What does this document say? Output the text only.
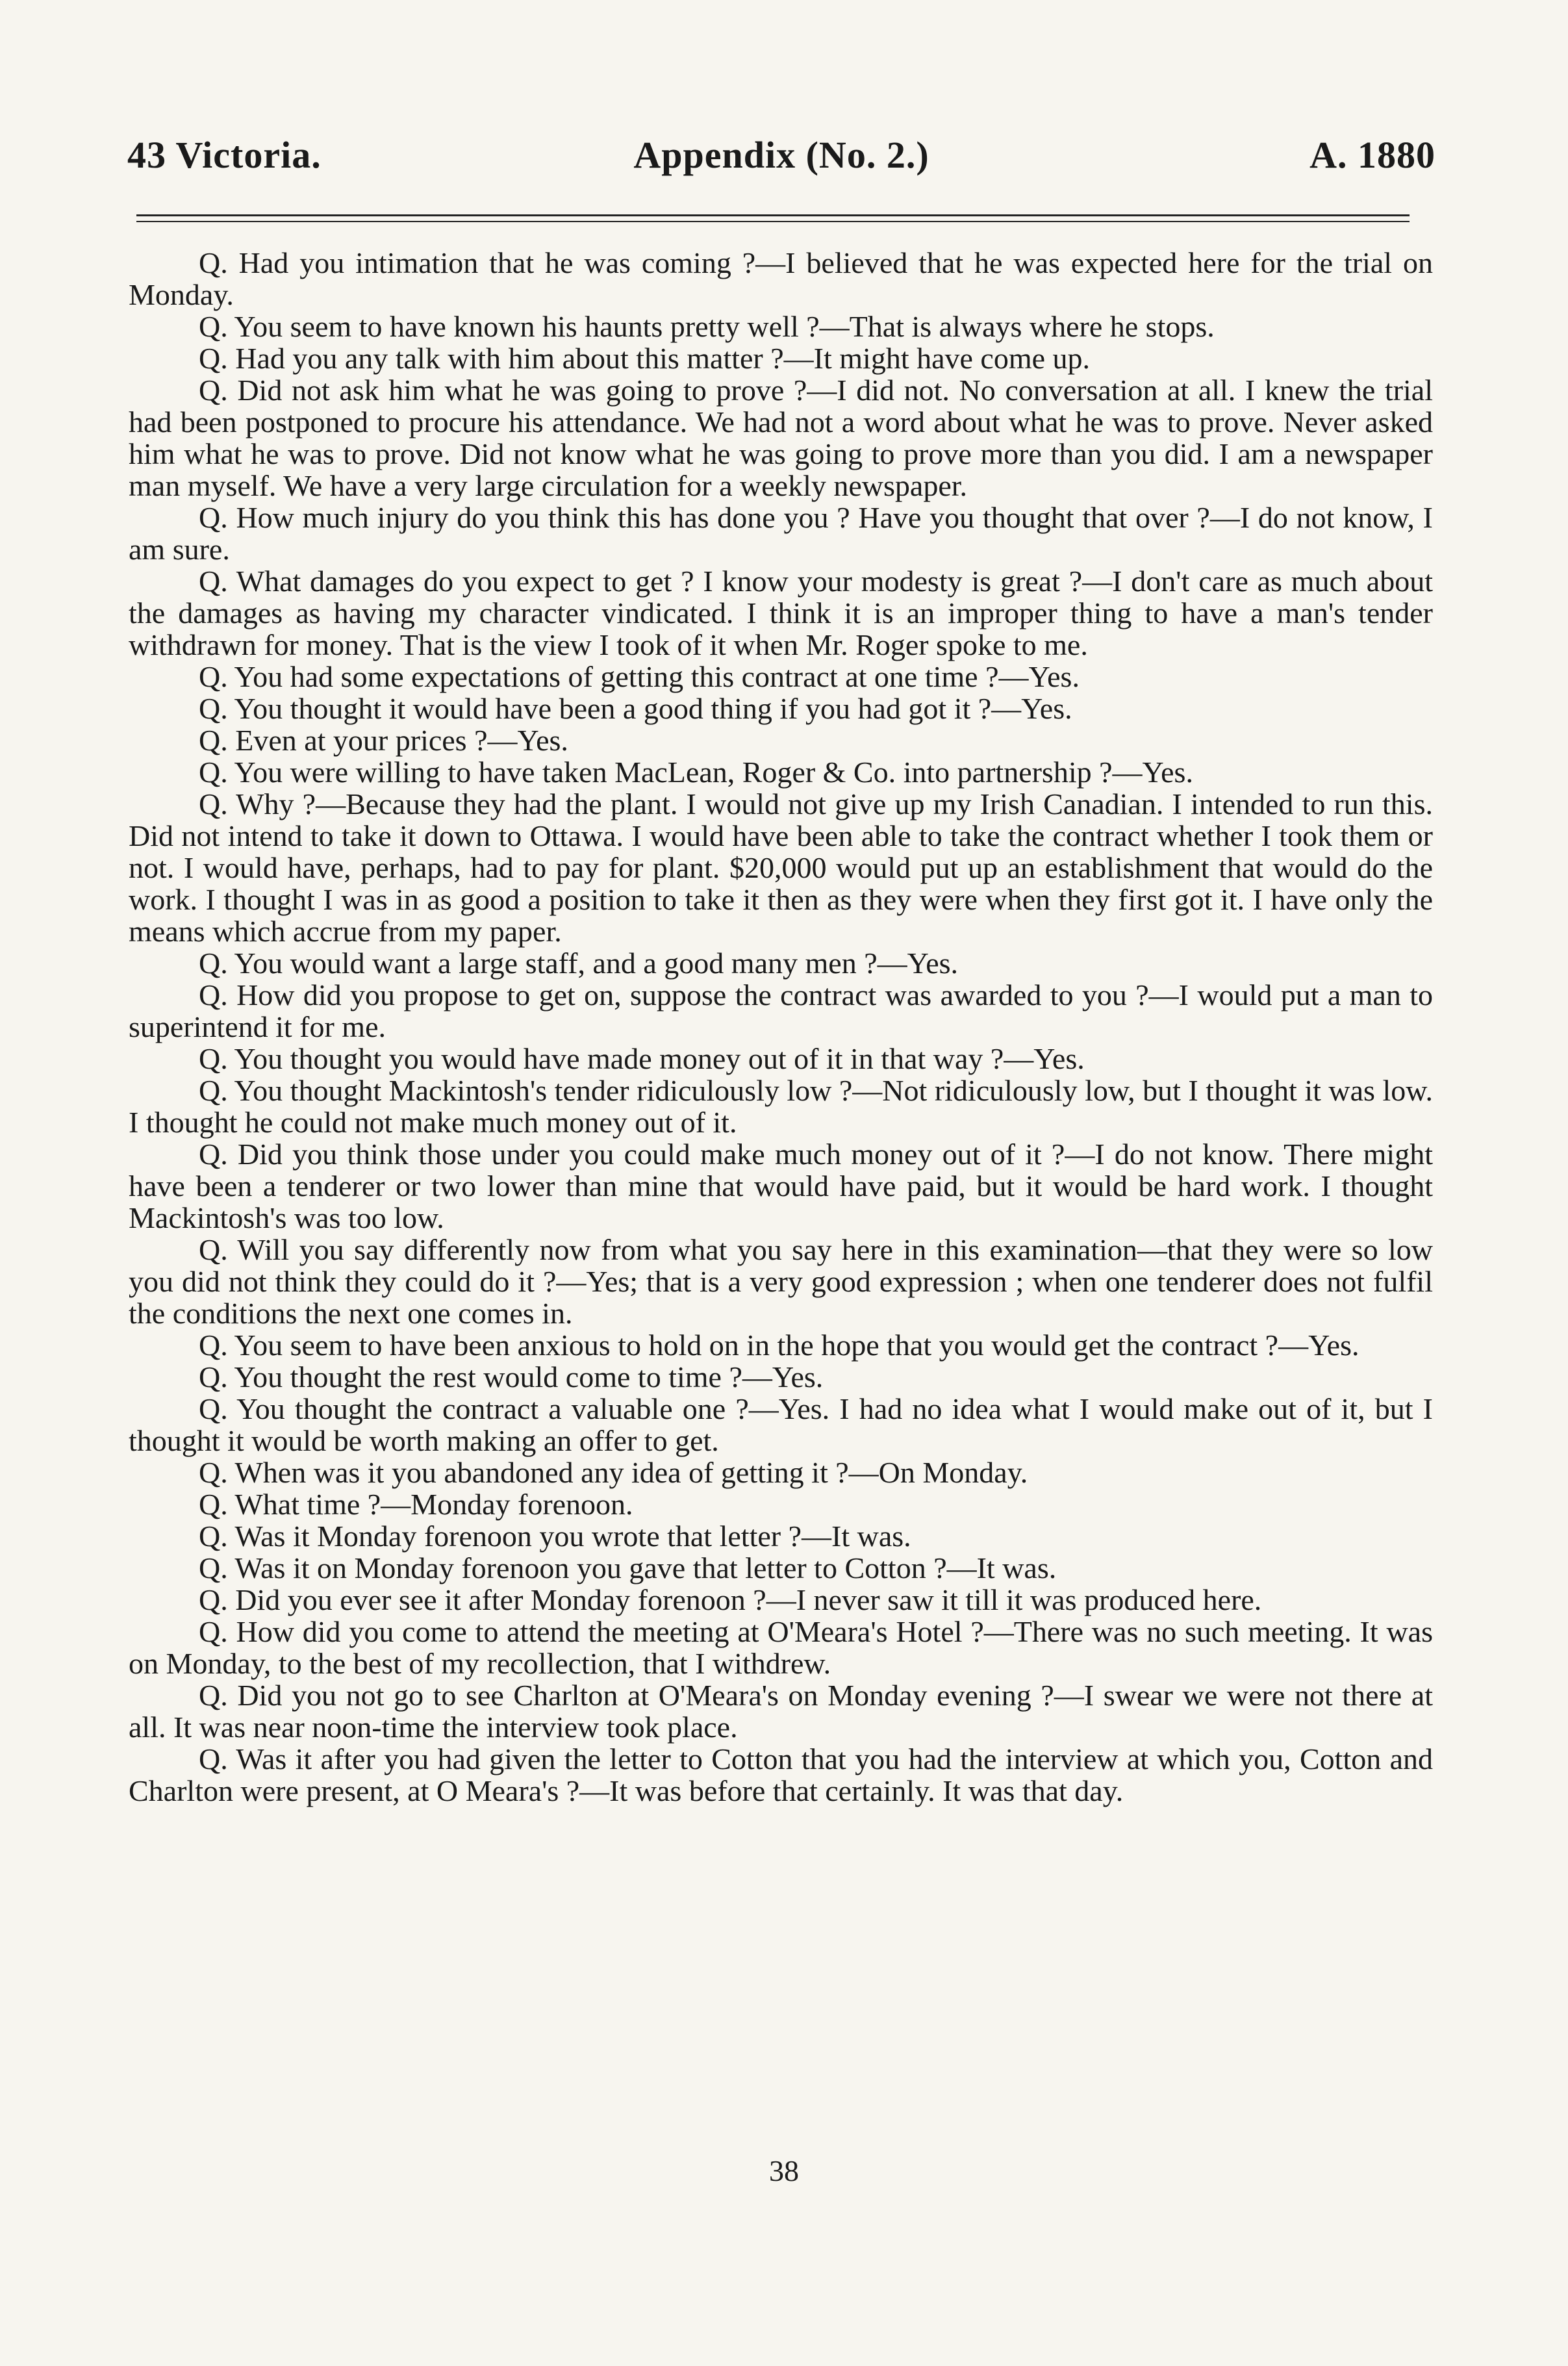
43 Victoria.	Appendix (No. 2.)	A. 1880

Q. Had you intimation that he was coming ?—I believed that he was expected here for the trial on Monday.

Q. You seem to have known his haunts pretty well ?—That is always where he stops.

Q. Had you any talk with him about this matter ?—It might have come up.

Q. Did not ask him what he was going to prove ?—I did not. No conversation at all. I knew the trial had been postponed to procure his attendance. We had not a word about what he was to prove. Never asked him what he was to prove. Did not know what he was going to prove more than you did. I am a newspaper man myself. We have a very large circulation for a weekly newspaper.

Q. How much injury do you think this has done you ? Have you thought that over ?—I do not know, I am sure.

Q. What damages do you expect to get ? I know your modesty is great ?—I don't care as much about the damages as having my character vindicated. I think it is an improper thing to have a man's tender withdrawn for money. That is the view I took of it when Mr. Roger spoke to me.

Q. You had some expectations of getting this contract at one time ?—Yes.

Q. You thought it would have been a good thing if you had got it ?—Yes.

Q. Even at your prices ?—Yes.

Q. You were willing to have taken MacLean, Roger & Co. into partnership ?—Yes.

Q. Why ?—Because they had the plant. I would not give up my Irish Canadian. I intended to run this. Did not intend to take it down to Ottawa. I would have been able to take the contract whether I took them or not. I would have, perhaps, had to pay for plant. $20,000 would put up an establishment that would do the work. I thought I was in as good a position to take it then as they were when they first got it. I have only the means which accrue from my paper.

Q. You would want a large staff, and a good many men ?—Yes.

Q. How did you propose to get on, suppose the contract was awarded to you ?—I would put a man to superintend it for me.

Q. You thought you would have made money out of it in that way ?—Yes.

Q. You thought Mackintosh's tender ridiculously low ?—Not ridiculously low, but I thought it was low. I thought he could not make much money out of it.

Q. Did you think those under you could make much money out of it ?—I do not know. There might have been a tenderer or two lower than mine that would have paid, but it would be hard work. I thought Mackintosh's was too low.

Q. Will you say differently now from what you say here in this examination—that they were so low you did not think they could do it ?—Yes; that is a very good expression ; when one tenderer does not fulfil the conditions the next one comes in.

Q. You seem to have been anxious to hold on in the hope that you would get the contract ?—Yes.

Q. You thought the rest would come to time ?—Yes.

Q. You thought the contract a valuable one ?—Yes. I had no idea what I would make out of it, but I thought it would be worth making an offer to get.

Q. When was it you abandoned any idea of getting it ?—On Monday.

Q. What time ?—Monday forenoon.

Q. Was it Monday forenoon you wrote that letter ?—It was.

Q. Was it on Monday forenoon you gave that letter to Cotton ?—It was.

Q. Did you ever see it after Monday forenoon ?—I never saw it till it was produced here.

Q. How did you come to attend the meeting at O'Meara's Hotel ?—There was no such meeting. It was on Monday, to the best of my recollection, that I withdrew.

Q. Did you not go to see Charlton at O'Meara's on Monday evening ?—I swear we were not there at all. It was near noon-time the interview took place.

Q. Was it after you had given the letter to Cotton that you had the interview at which you, Cotton and Charlton were present, at O Meara's ?—It was before that certainly. It was that day.

38
